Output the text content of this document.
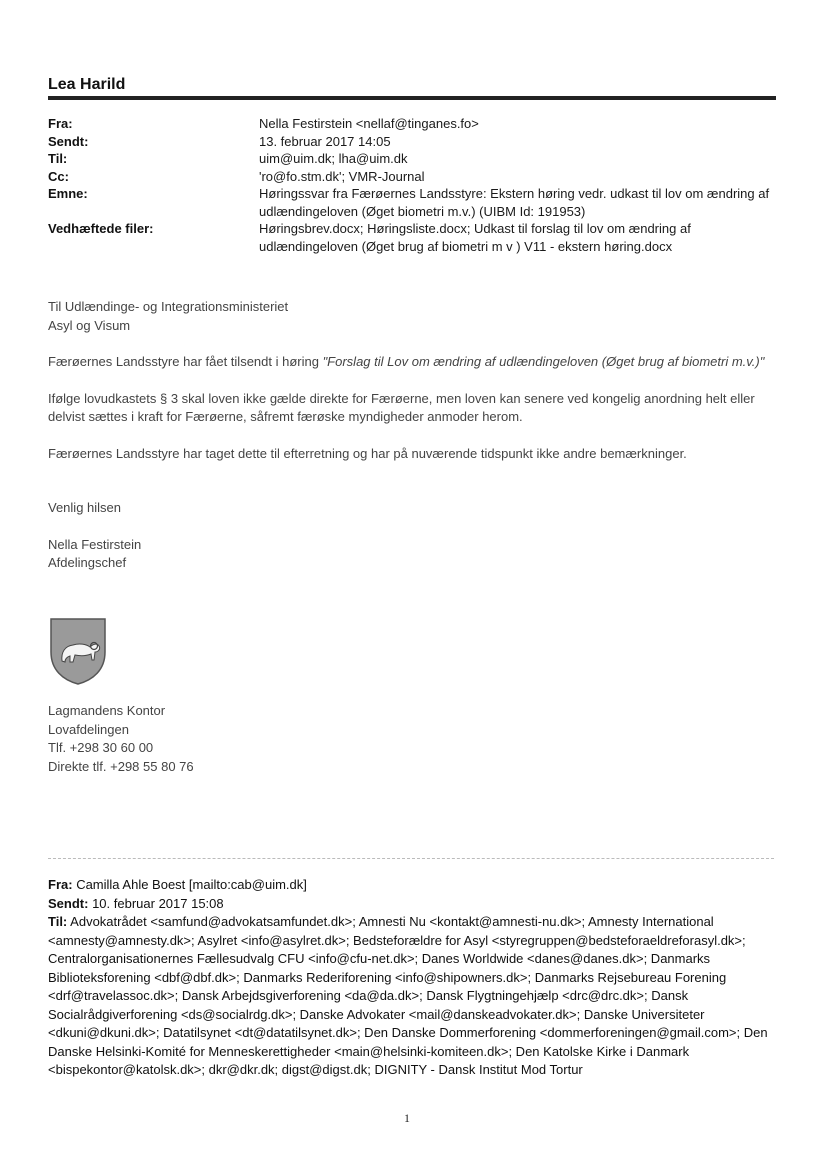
Lea Harild
Fra:	Nella Festirstein <nellaf@tinganes.fo>
Sendt:	13. februar 2017 14:05
Til:	uim@uim.dk; lha@uim.dk
Cc:	'ro@fo.stm.dk'; VMR-Journal
Emne:	Høringssvar fra Færøernes Landsstyre: Ekstern høring vedr. udkast til lov om ændring af udlændingeloven (Øget biometri m.v.) (UIBM Id: 191953)
Vedhæftede filer:	Høringsbrev.docx; Høringsliste.docx; Udkast til forslag til lov om ændring af udlændingeloven (Øget brug af biometri m v ) V11 - ekstern høring.docx

Til Udlændinge- og Integrationsministeriet

Asyl og Visum

Færøernes Landsstyre har fået tilsendt i høring "Forslag til Lov om ændring af udlændingeloven (Øget brug af biometri m.v.)"

Ifølge lovudkastets § 3 skal loven ikke gælde direkte for Færøerne, men loven kan senere ved kongelig anordning helt eller delvist sættes i kraft for Færøerne, såfremt færøske myndigheder anmoder herom.

Færøernes Landsstyre har taget dette til efterretning og har på nuværende tidspunkt ikke andre bemærkninger.

Venlig hilsen

Nella Festirstein

Afdelingschef

Lagmandens Kontor
Lovafdelingen
Tlf. +298 30 60 00
Direkte tlf. +298 55 80 76
Fra: Camilla Ahle Boest [mailto:cab@uim.dk]
Sendt: 10. februar 2017 15:08
Til: Advokatrådet <samfund@advokatsamfundet.dk>; Amnesti Nu <kontakt@amnesti-nu.dk>; Amnesty International <amnesty@amnesty.dk>; Asylret <info@asylret.dk>; Bedsteforældre for Asyl <styregruppen@bedsteforaeldreforasyl.dk>; Centralorganisationernes Fællesudvalg CFU <info@cfu-net.dk>; Danes Worldwide <danes@danes.dk>; Danmarks Biblioteksforening <dbf@dbf.dk>; Danmarks Rederiforening <info@shipowners.dk>; Danmarks Rejsebureau Forening <drf@travelassoc.dk>; Dansk Arbejdsgiverforening <da@da.dk>; Dansk Flygtningehjælp <drc@drc.dk>; Dansk Socialrådgiverforening <ds@socialrdg.dk>; Danske Advokater <mail@danskeadvokater.dk>; Danske Universiteter <dkuni@dkuni.dk>; Datatilsynet <dt@datatilsynet.dk>; Den Danske Dommerforening <dommerforeningen@gmail.com>; Den Danske Helsinki-Komité for Menneskerettigheder <main@helsinki-komiteen.dk>; Den Katolske Kirke i Danmark <bispekontor@katolsk.dk>; dkr@dkr.dk; digst@digst.dk; DIGNITY - Dansk Institut Mod Tortur
1
